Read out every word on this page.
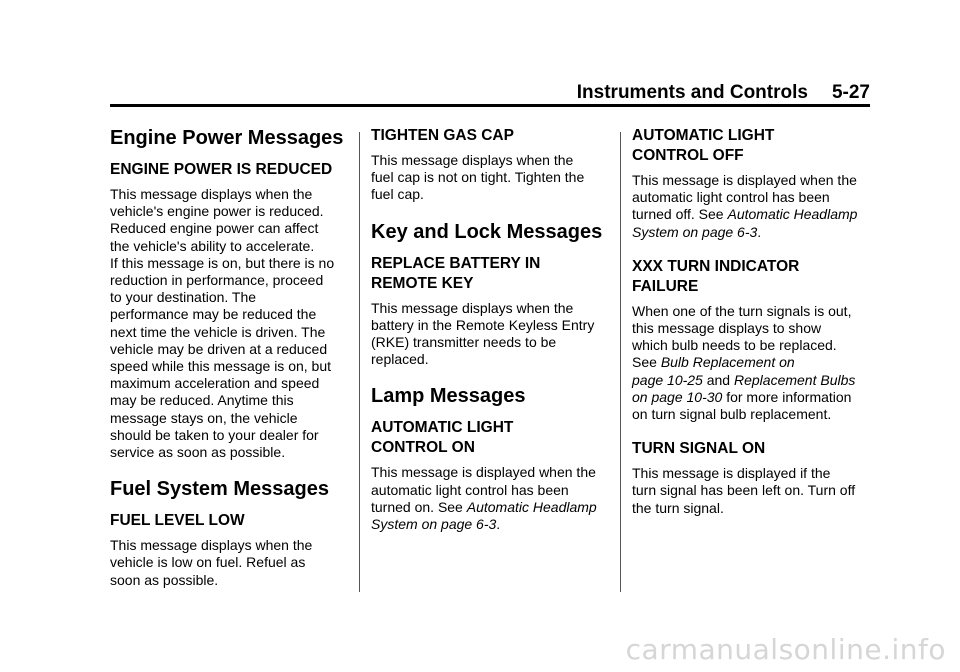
Instruments and Controls 5-27
Engine Power Messages
ENGINE POWER IS REDUCED

This message displays when the
vehicle's engine power is reduced.
Reduced engine power can affect
the vehicle's ability to accelerate.
If this message is on, but there is no
reduction in performance, proceed
to your destination. The
performance may be reduced the
next time the vehicle is driven. The
vehicle may be driven at a reduced
speed while this message is on, but
maximum acceleration and speed
may be reduced. Anytime this
message stays on, the vehicle
should be taken to your dealer for
service as soon as possible.

Fuel System Messages
FUEL LEVEL LOW

This message displays when the
vehicle is low on fuel. Refuel as
soon as possible.

TIGHTEN GAS CAP

This message displays when the
fuel cap is not on tight. Tighten the
fuel cap.

Key and Lock Messages
REPLACE BATTERY IN
REMOTE KEY

This message displays when the
battery in the Remote Keyless Entry
(RKE) transmitter needs to be
replaced.

Lamp Messages
AUTOMATIC LIGHT
CONTROL ON

This message is displayed when the
automatic light control has been
turned on. See Automatic Headlamp
System on page 6-3.

AUTOMATIC LIGHT
CONTROL OFF

This message is displayed when the
automatic light control has been
turned off. See Automatic Headlamp
System on page 6-3.

XXX TURN INDICATOR
FAILURE

When one of the turn signals is out,
this message displays to show
which bulb needs to be replaced.
See Bulb Replacement on
page 10-25 and Replacement Bulbs
on page 10-30 for more information
on turn signal bulb replacement.

TURN SIGNAL ON

This message is displayed if the
turn signal has been left on. Turn off
the turn signal.

carmanualsonline.info
